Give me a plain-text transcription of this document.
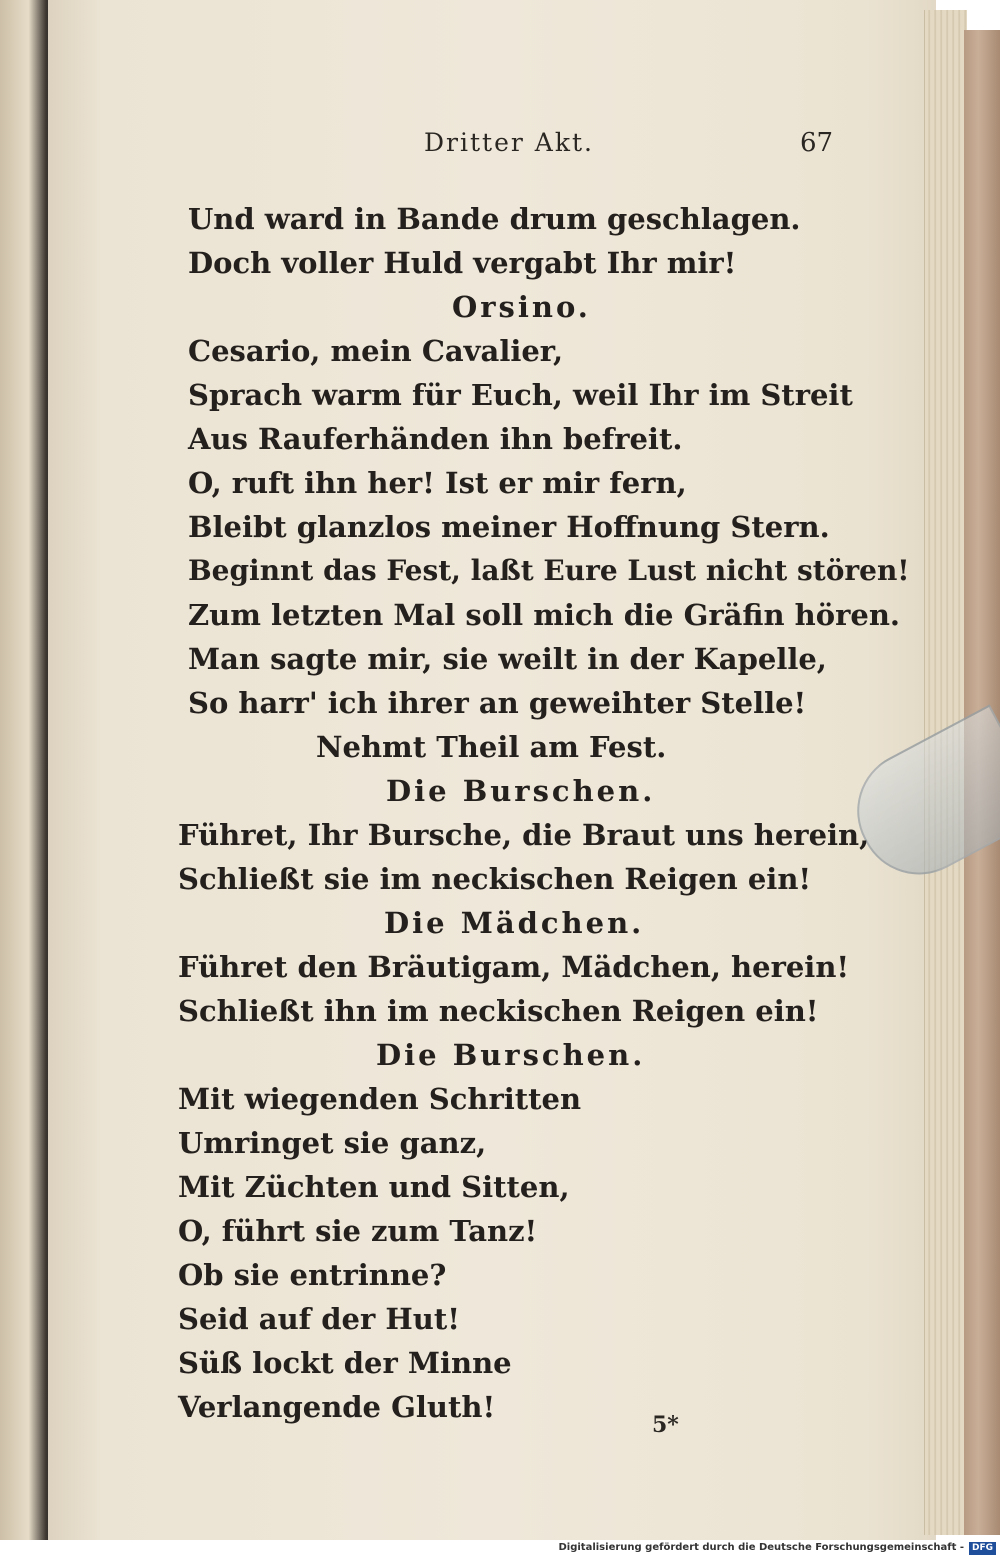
Dritter Akt.	67
Und ward in Bande drum geschlagen.
Doch voller Huld vergabt Ihr mir!
Orsino.
Cesario, mein Cavalier,
Sprach warm für Euch, weil Ihr im Streit
Aus Rauferhänden ihn befreit.
O, ruft ihn her! Ist er mir fern,
Bleibt glanzlos meiner Hoffnung Stern.
Beginnt das Fest, laßt Eure Lust nicht stören!
Zum letzten Mal soll mich die Gräfin hören.
Man sagte mir, sie weilt in der Kapelle,
So harr' ich ihrer an geweihter Stelle!
Nehmt Theil am Fest.
Die Burschen.
Führet, Ihr Bursche, die Braut uns herein,
Schließt sie im neckischen Reigen ein!
Die Mädchen.
Führet den Bräutigam, Mädchen, herein!
Schließt ihn im neckischen Reigen ein!
Die Burschen.
Mit wiegenden Schritten
Umringet sie ganz,
Mit Züchten und Sitten,
O, führt sie zum Tanz!
Ob sie entrinne?
Seid auf der Hut!
Süß lockt der Minne
Verlangende Gluth!
5*
Digitalisierung gefördert durch die Deutsche Forschungsgemeinschaft - DFG
